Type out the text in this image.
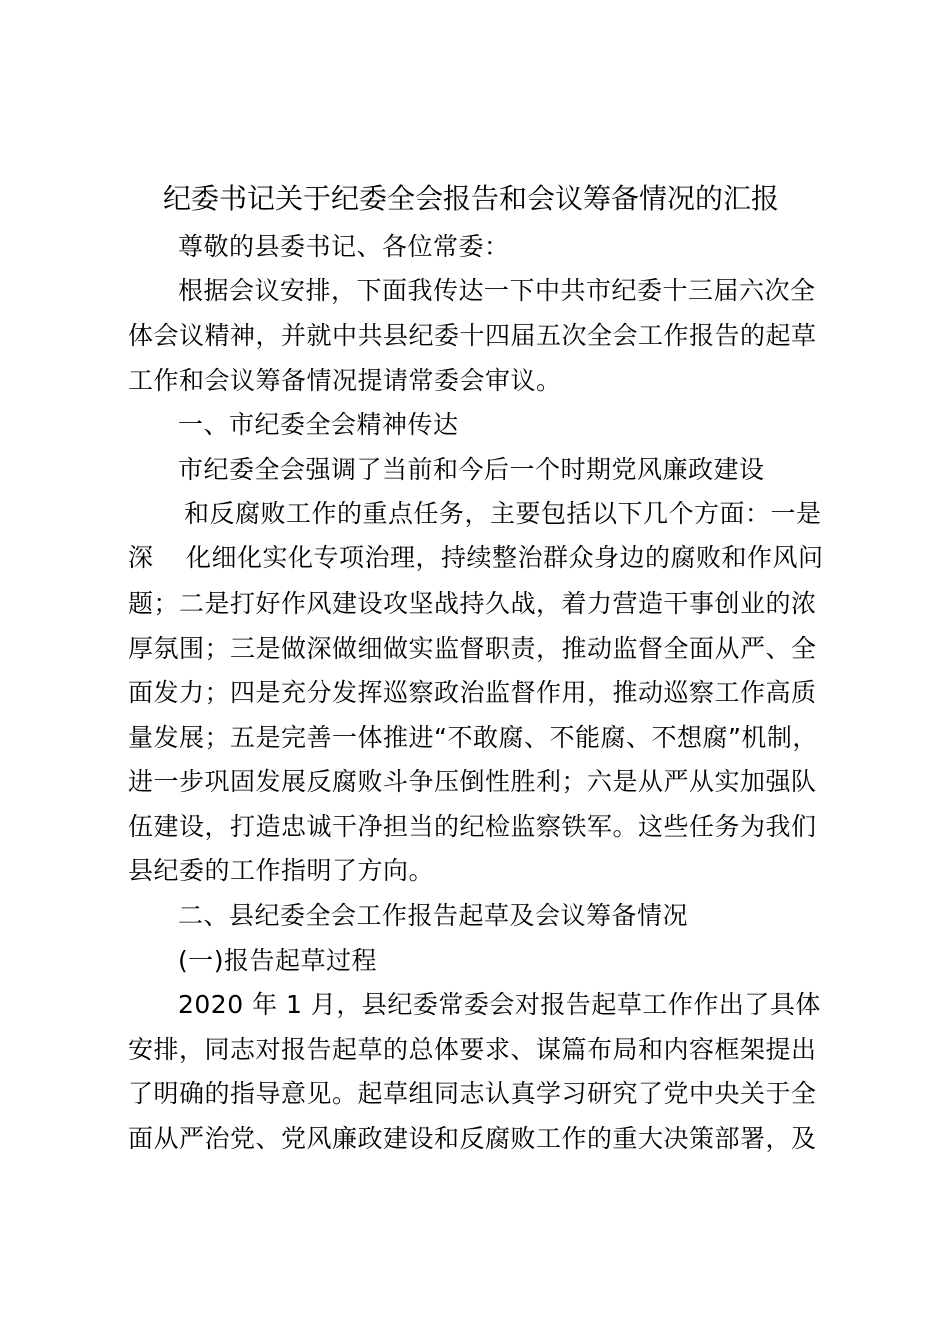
纪委书记关于纪委全会报告和会议筹备情况的汇报
尊敬的县委书记、各位常委：
根据会议安排，下面我传达一下中共市纪委十三届六次全
体会议精神，并就中共县纪委十四届五次全会工作报告的起草
工作和会议筹备情况提请常委会审议。
一、市纪委全会精神传达
市纪委全会强调了当前和今后一个时期党风廉政建设
和反腐败工作的重点任务，主要包括以下几个方面：一是
深 化细化实化专项治理，持续整治群众身边的腐败和作风问
题；二是打好作风建设攻坚战持久战，着力营造干事创业的浓
厚氛围；三是做深做细做实监督职责，推动监督全面从严、全
面发力；四是充分发挥巡察政治监督作用，推动巡察工作高质
量发展；五是完善一体推进“不敢腐、不能腐、不想腐”机制，
进一步巩固发展反腐败斗争压倒性胜利；六是从严从实加强队
伍建设，打造忠诚干净担当的纪检监察铁军。这些任务为我们
县纪委的工作指明了方向。
二、县纪委全会工作报告起草及会议筹备情况
(一)报告起草过程
2020 年 1 月，县纪委常委会对报告起草工作作出了具体
安排，同志对报告起草的总体要求、谋篇布局和内容框架提出
了明确的指导意见。起草组同志认真学习研究了党中央关于全
面从严治党、党风廉政建设和反腐败工作的重大决策部署，及
